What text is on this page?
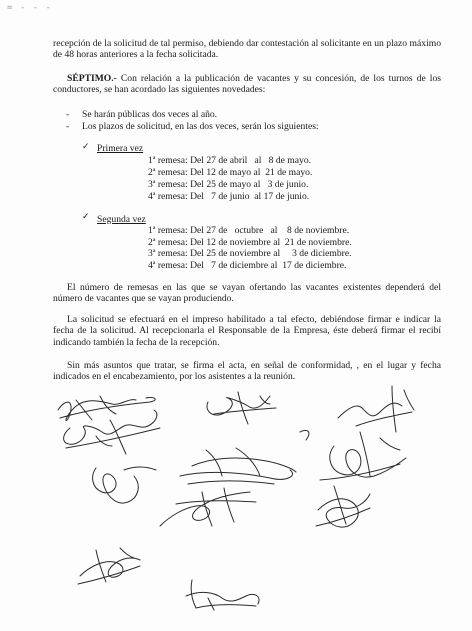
= - - -

recepción de la solicitud de tal permiso, debiendo dar contestación al solicitante en un plazo máximo de 48 horas anteriores a la fecha solicitada.

SÉPTIMO.- Con relación a la publicación de vacantes y su concesión, de los turnos de los conductores, se han acordado las siguientes novedades:

- Se harán públicas dos veces al año.
- Los plazos de solicitud, en las dos veces, serán los siguientes:
✓ Primera vez
1ª remesa: Del 27 de abril   al   8 de mayo.
2ª remesa: Del 12 de mayo al  21 de mayo.
3ª remesa: Del 25 de mayo al   3 de junio.
4ª remesa: Del   7 de junio  al 17 de junio.
✓ Segunda vez
1ª remesa: Del 27 de   octubre   al    8 de noviembre.
2ª remesa: Del 12 de noviembre al  21 de noviembre.
3ª remesa: Del 25 de noviembre al     3 de diciembre.
4ª remesa: Del   7 de diciembre al  17 de diciembre.

El número de remesas en las que se vayan ofertando las vacantes existentes dependerá del número de vacantes que se vayan produciendo.

La solicitud se efectuará en el impreso habilitado a tal efecto, debiéndose firmar e indicar la fecha de la solicitud. Al recepcionarla el Responsable de la Empresa, éste deberá firmar el recibí indicando también la fecha de la recepción.

Sin más asuntos que tratar, se firma el acta, en señal de conformidad, , en el lugar y fecha indicados en el encabezamiento, por los asistentes a la reunión.
